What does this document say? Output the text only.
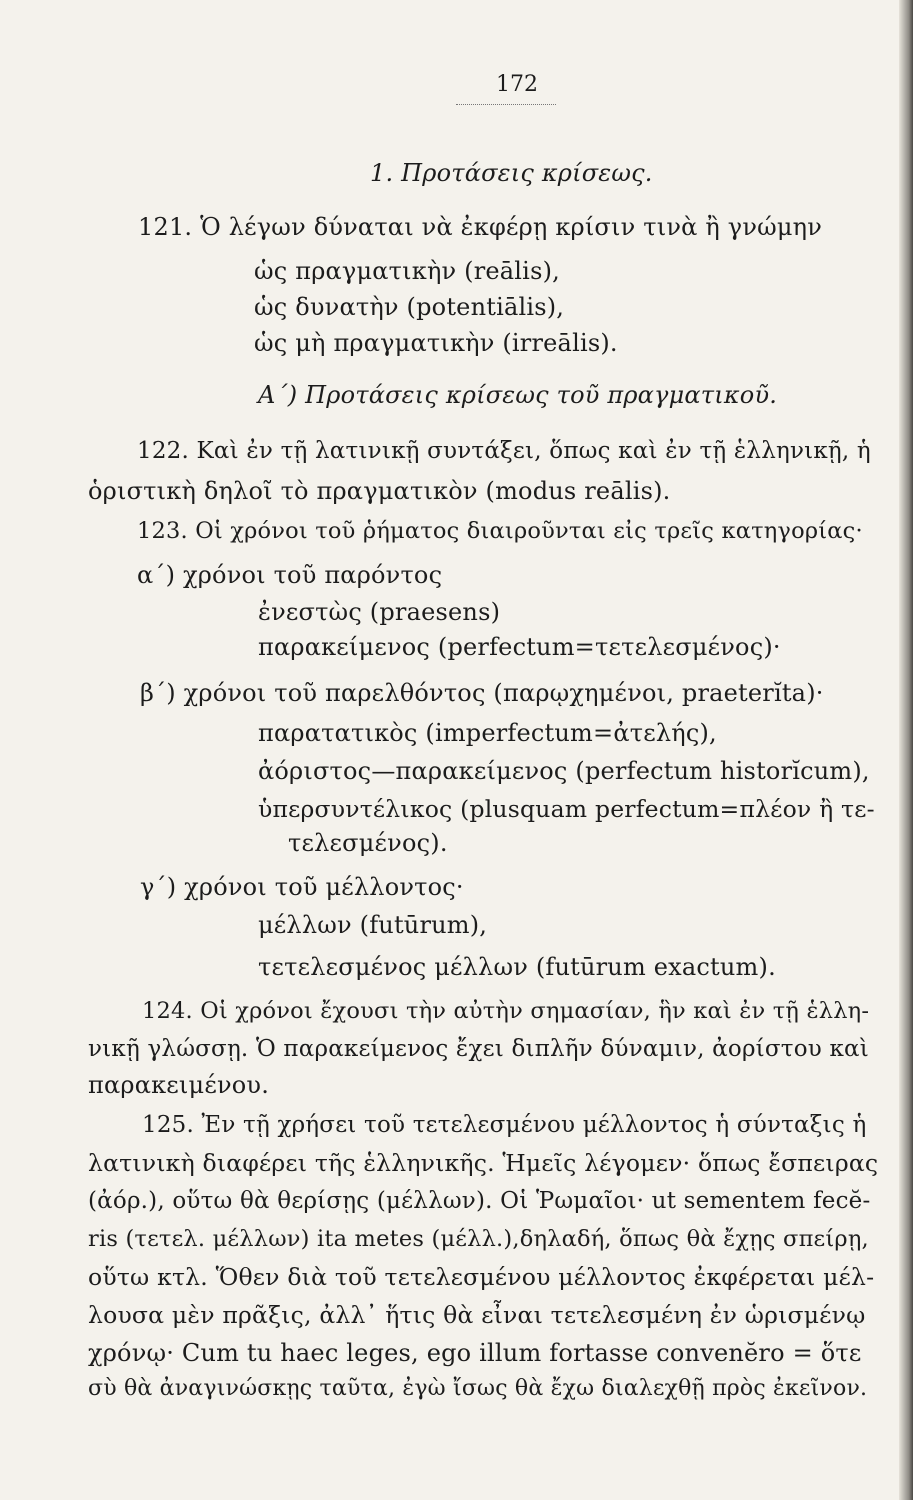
172
1. Προτάσεις κρίσεως.
121. Ὁ λέγων δύναται νὰ ἐκφέρῃ κρίσιν τινὰ ἢ γνώμην
ὡς πραγματικὴν (reālis),
ὡς δυνατὴν (potentiālis),
ὡς μὴ πραγματικὴν (irreālis).
Α΄) Προτάσεις κρίσεως τοῦ πραγματικοῦ.
122. Καὶ ἐν τῇ λατινικῇ συντάξει, ὅπως καὶ ἐν τῇ ἑλληνικῇ, ἡ
ὁριστικὴ δηλοῖ τὸ πραγματικὸν (modus reālis).
123. Οἱ χρόνοι τοῦ ῥήματος διαιροῦνται εἰς τρεῖς κατηγορίας·
α΄) χρόνοι τοῦ παρόντος
ἐνεστὼς (praesens)
παρακείμενος (perfectum=τετελεσμένος)·
β΄) χρόνοι τοῦ παρελθόντος (παρῳχημένοι, praeterĭta)·
παρατατικὸς (imperfectum=ἀτελής),
ἀόριστος—παρακείμενος (perfectum historĭcum),
ὑπερσυντέλικος (plusquam perfectum=πλέον ἢ τε-
τελεσμένος).
γ΄) χρόνοι τοῦ μέλλοντος·
μέλλων (futūrum),
τετελεσμένος μέλλων (futūrum exactum).
124. Οἱ χρόνοι ἔχουσι τὴν αὐτὴν σημασίαν, ἣν καὶ ἐν τῇ ἑλλη-
νικῇ γλώσσῃ. Ὁ παρακείμενος ἔχει διπλῆν δύναμιν, ἀορίστου καὶ
παρακειμένου.
125. Ἐν τῇ χρήσει τοῦ τετελεσμένου μέλλοντος ἡ σύνταξις ἡ
λατινικὴ διαφέρει τῆς ἑλληνικῆς. Ἡμεῖς λέγομεν· ὅπως ἔσπειρας
(ἀόρ.), οὕτω θὰ θερίσῃς (μέλλων). Οἱ Ῥωμαῖοι· ut sementem fecĕ-
ris (τετελ. μέλλων) ita metes (μέλλ.),δηλαδή, ὅπως θὰ ἔχῃς σπείρῃ,
οὕτω κτλ. Ὅθεν διὰ τοῦ τετελεσμένου μέλλοντος ἐκφέρεται μέλ-
λουσα μὲν πρᾶξις, ἀλλ᾽ ἥτις θὰ εἶναι τετελεσμένη ἐν ὡρισμένῳ
χρόνῳ· Cum tu haec leges, ego illum fortasse convenĕro = ὅτε
σὺ θὰ ἀναγινώσκῃς ταῦτα, ἐγὼ ἴσως θὰ ἔχω διαλεχθῇ πρὸς ἐκεῖνον.
